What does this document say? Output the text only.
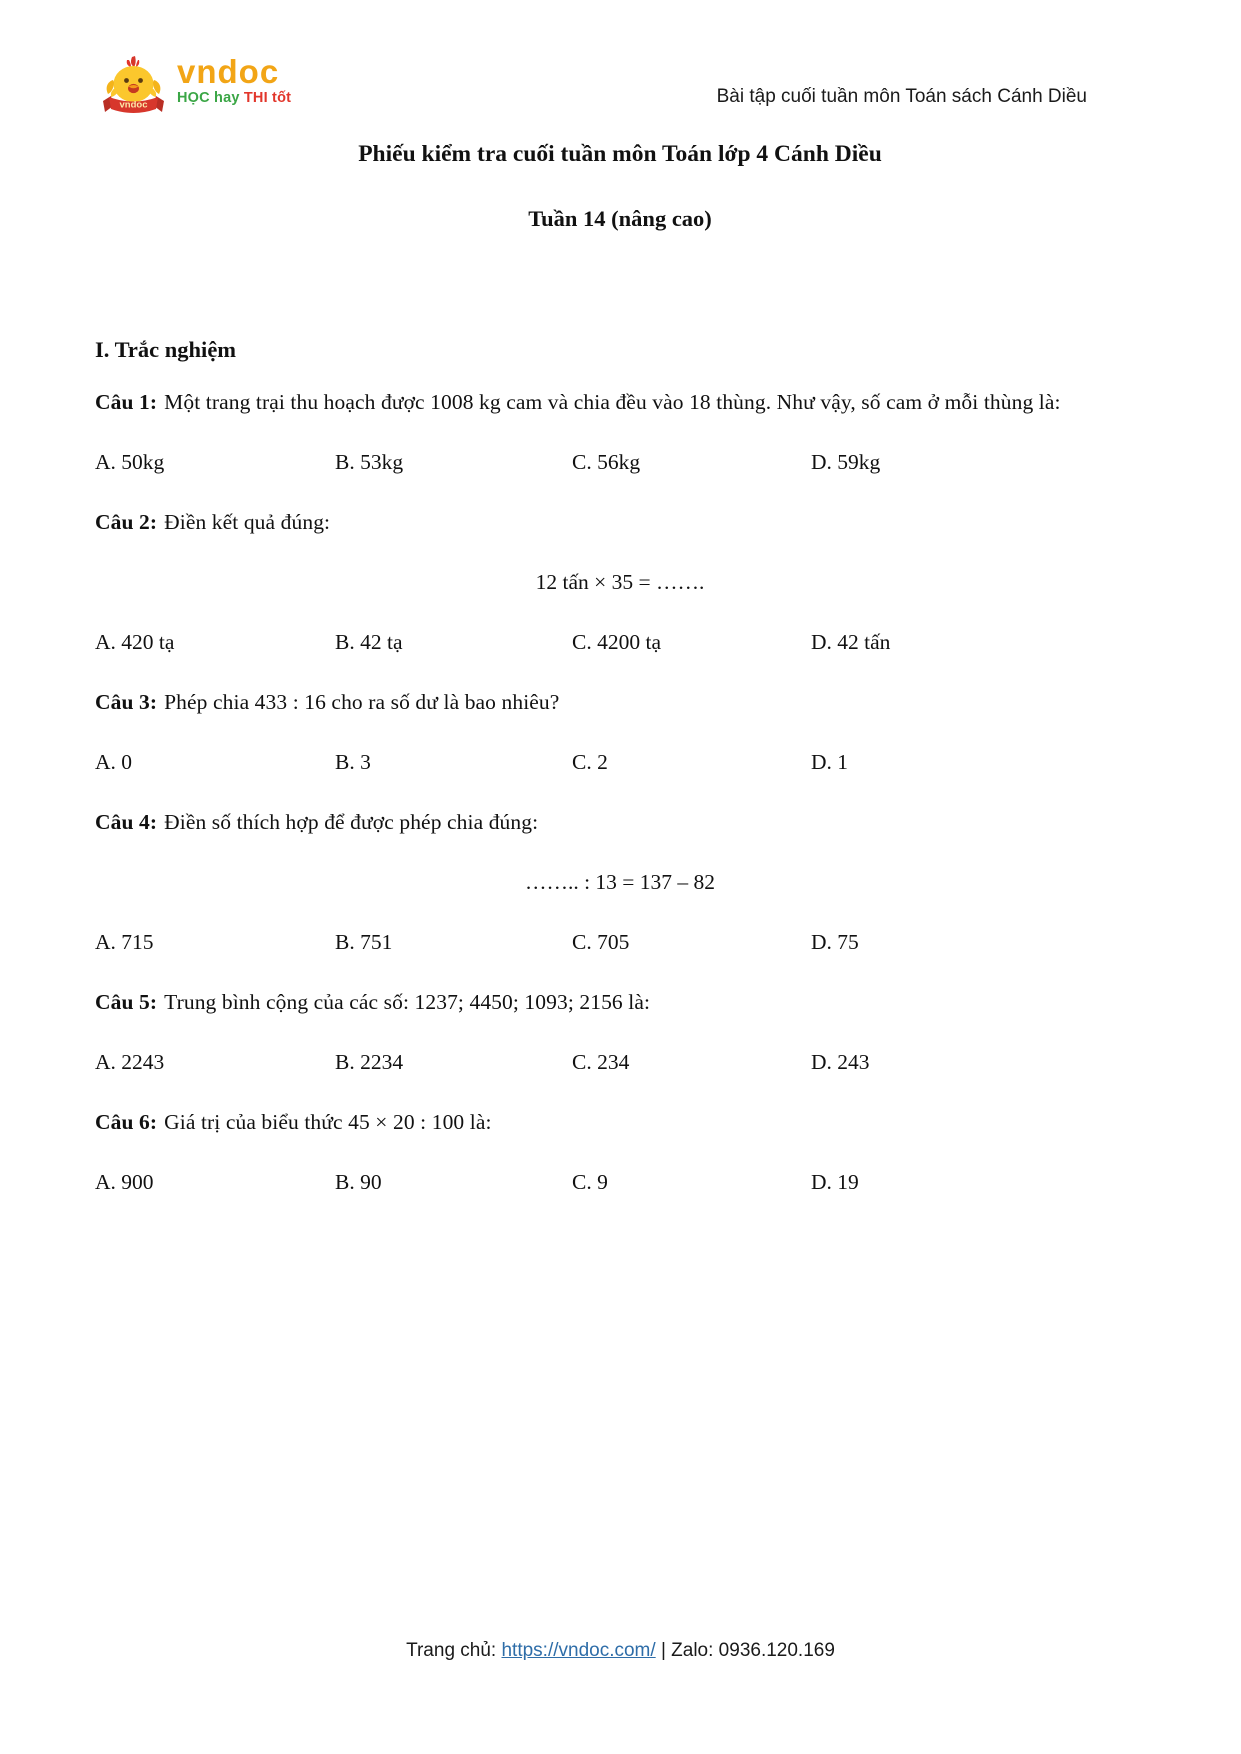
vndoc
vndoc
HỌC hay THI tốt	Bài tập cuối tuần môn Toán sách Cánh Diều
Phiếu kiểm tra cuối tuần môn Toán lớp 4 Cánh Diều
Tuần 14 (nâng cao)
I. Trắc nghiệm

Câu 1: Một trang trại thu hoạch được 1008 kg cam và chia đều vào 18 thùng. Như vậy, số cam ở mỗi thùng là:

A. 50kg	B. 53kg	C. 56kg	D. 59kg

Câu 2: Điền kết quả đúng:

12 tấn × 35 = …….

A. 420 tạ	B. 42 tạ	C. 4200 tạ	D. 42 tấn

Câu 3: Phép chia 433 : 16 cho ra số dư là bao nhiêu?

A. 0	B. 3	C. 2	D. 1

Câu 4: Điền số thích hợp để được phép chia đúng:

…….. : 13 = 137 – 82

A. 715	B. 751	C. 705	D. 75

Câu 5: Trung bình cộng của các số: 1237; 4450; 1093; 2156 là:

A. 2243	B. 2234	C. 234	D. 243

Câu 6: Giá trị của biểu thức 45 × 20 : 100 là:

A. 900	B. 90	C. 9	D. 19
Trang chủ: https://vndoc.com/ | Zalo: 0936.120.169
